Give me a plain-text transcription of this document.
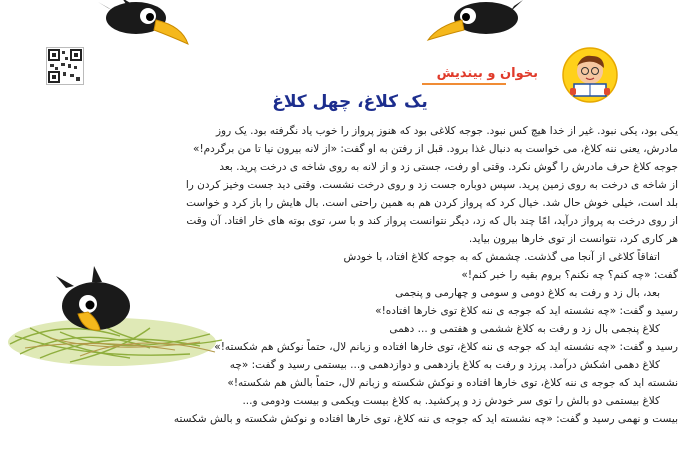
بخوان و بیندیش
یک کلاغ، چهل کلاغ
یکی بود، یکی نبود. غیر از خدا هیچ کس نبود. جوجه کلاغی بود که هنوز پرواز را خوب یاد نگرفته بود. یک روز
مادرش، یعنی ننه کلاغ، می خواست به دنبال غذا برود. قبل از رفتن به او گفت: «از لانه بیرون نیا تا من برگردم!»
جوجه کلاغ حرف مادرش را گوش نکرد. وقتی او رفت، جستی زد و از لانه به روی شاخه ی درخت پرید. بعد
از شاخه ی درخت به روی زمین پرید. سپس دوباره جست زد و روی درخت نشست. وقتی دید جست وخیز کردن را
بلد است، خیلی خوش حال شد. خیال کرد که پرواز کردن هم به همین راحتی است. بال هایش را باز کرد و خواست
از روی درخت به پرواز درآید، امّا چند بال که زد، دیگر نتوانست پرواز کند و با سر، توی بوته های خار افتاد. آن وقت
هر کاری کرد، نتوانست از توی خارها بیرون بیاید.
اتفاقاً کلاغی از آنجا می گذشت. چشمش که به جوجه کلاغ افتاد، با خودش
گفت: «چه کنم؟ چه نکنم؟ بروم بقیه را خبر کنم!»
بعد، بال زد و رفت به کلاغ دومی و سومی و چهارمی و پنجمی
رسید و گفت: «چه نشسته اید که جوجه ی ننه کلاغ توی خارها افتاده!»
کلاغ پنجمی بال زد و رفت به کلاغ ششمی و هفتمی و ... دهمی
رسید و گفت: «چه نشسته اید که جوجه ی ننه کلاغ، توی خارها افتاده و زبانم لال، حتماً نوکش هم شکسته!»
کلاغ دهمی اشکش درآمد. پرزد و رفت به کلاغ یازدهمی و دوازدهمی و... بیستمی رسید و گفت: «چه
نشسته اید که جوجه ی ننه کلاغ، توی خارها افتاده و نوکش شکسته و زبانم لال، حتماً بالش هم شکسته!»
کلاغ بیستمی دو بالش را توی سر خودش زد و پرکشید. به کلاغ بیست ویکمی و بیست ودومی و...
بیست و نهمی رسید و گفت: «چه نشسته اید که جوجه ی ننه کلاغ، توی خارها افتاده و نوکش شکسته و بالش شکسته
